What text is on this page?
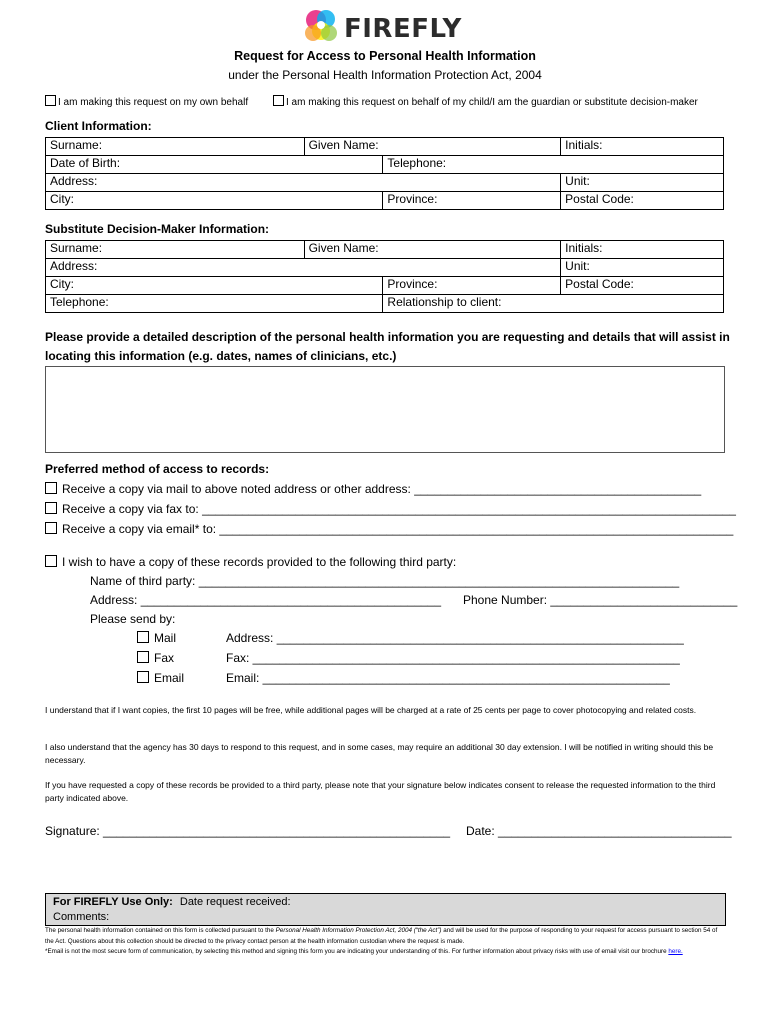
FIREFLY
Request for Access to Personal Health Information
under the Personal Health Information Protection Act, 2004
I am making this request on my own behalf	I am making this request on behalf of my child/I am the guardian or substitute decision-maker
Client Information:
Surname:	Given Name:		Initials:
Date of Birth:		Telephone:	
Address:			Unit:
City:		Province:	Postal Code:
Substitute Decision-Maker Information:
Surname:	Given Name:		Initials:
Address:			Unit:
City:		Province:	Postal Code:
Telephone:		Relationship to client:	
Please provide a detailed description of the personal health information you are requesting and details that will assist in locating this information (e.g. dates, names of clinicians, etc.)
Preferred method of access to records:
Receive a copy via mail to above noted address or other address: ___________________________________________
Receive a copy via fax to: ________________________________________________________________________________
Receive a copy via email* to: _____________________________________________________________________________
I wish to have a copy of these records provided to the following third party:
Name of third party: ________________________________________________________________________
Address: _____________________________________________ Phone Number: ____________________________
Please send by:
Mail	Address: _____________________________________________________________
Fax	Fax: ________________________________________________________________
Email	Email: _____________________________________________________________
I understand that if I want copies, the first 10 pages will be free, while additional pages will be charged at a rate of 25 cents per page to cover photocopying and related costs.
I also understand that the agency has 30 days to respond to this request, and in some cases, may require an additional 30 day extension. I will be notified in writing should this be necessary.
If you have requested a copy of these records be provided to a third party, please note that your signature below indicates consent to release the requested information to the third party indicated above.
Signature: ____________________________________________________ Date: ___________________________________
For FIREFLY Use Only: Date request received:
Comments:
The personal health information contained on this form is collected pursuant to the Personal Health Information Protection Act, 2004 (“the Act”) and will be used for the purpose of responding to your request for access pursuant to section 54 of the Act. Questions about this collection should be directed to the privacy contact person at the health information custodian where the request is made.
*Email is not the most secure form of communication, by selecting this method and signing this form you are indicating your understanding of this. For further information about privacy risks with use of email visit our brochure here.
